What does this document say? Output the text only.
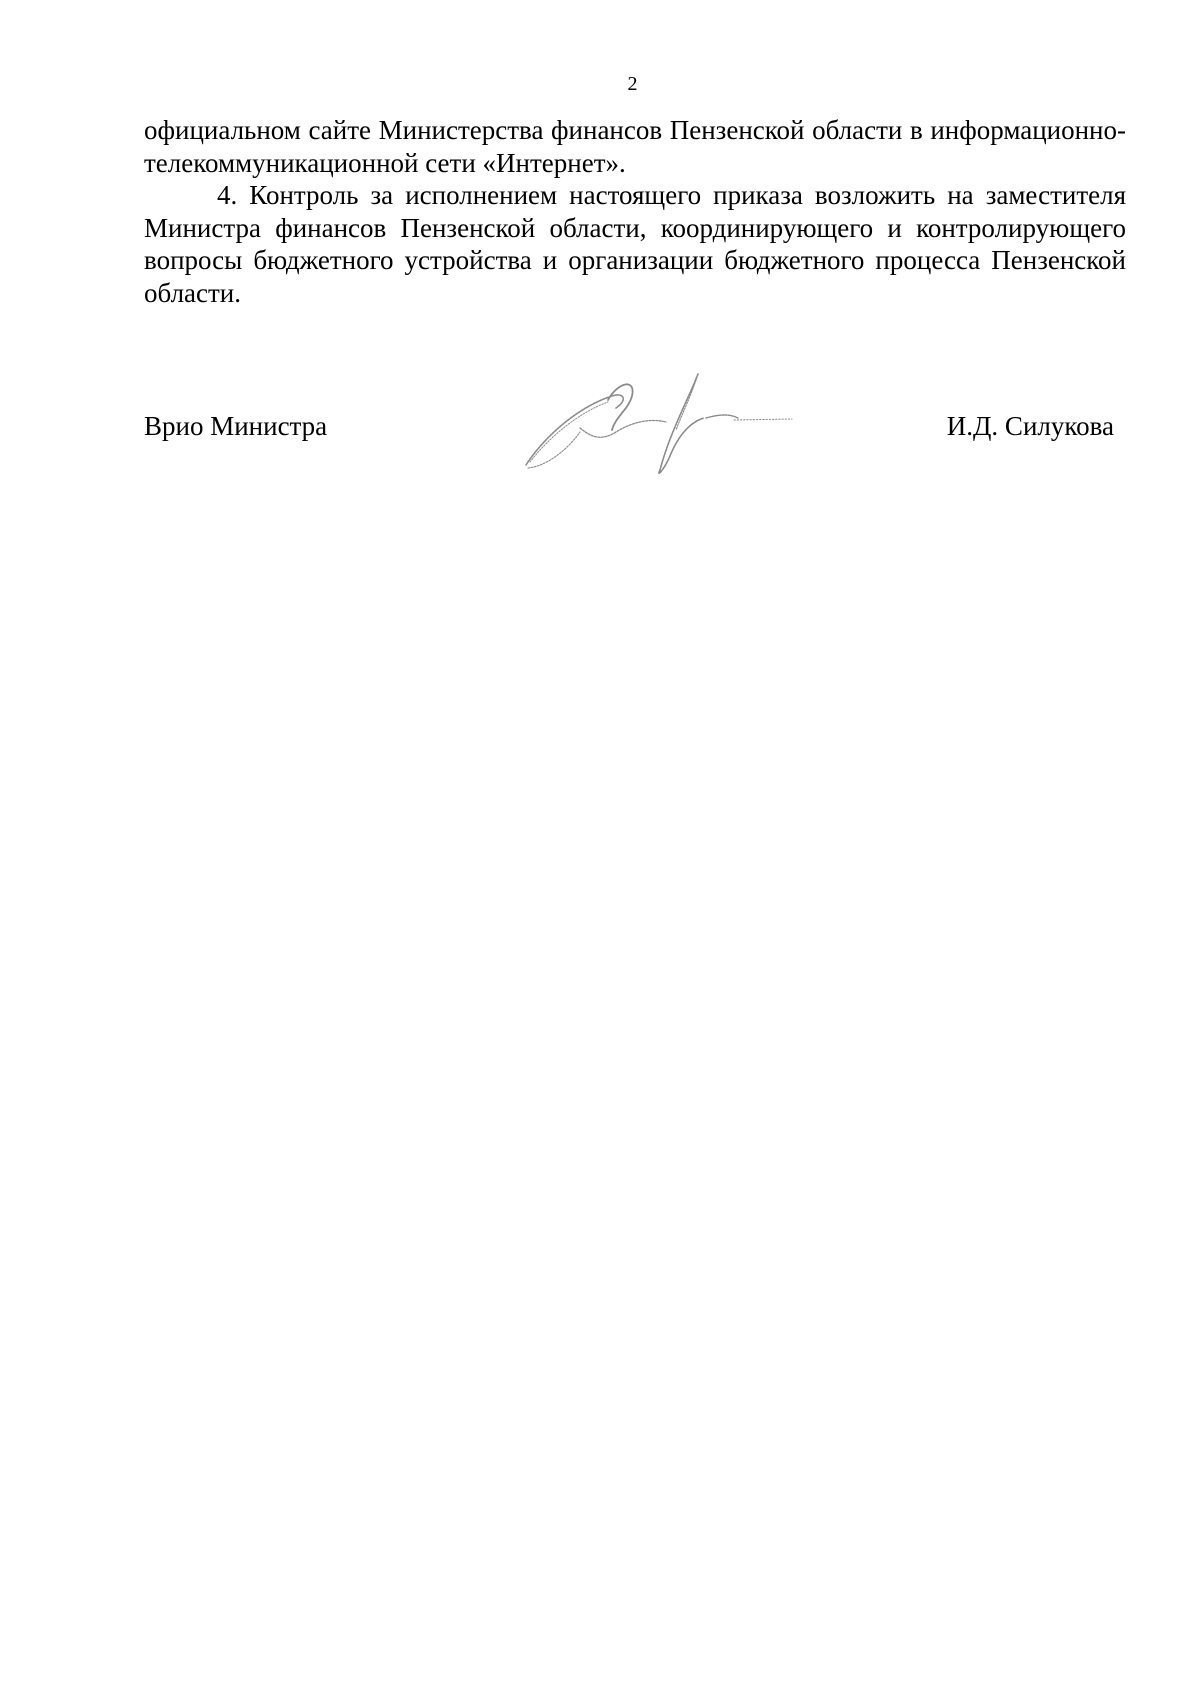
2

официальном сайте Министерства финансов Пензенской области в информационно-телекоммуникационной сети «Интернет».

4. Контроль за исполнением настоящего приказа возложить на заместителя Министра финансов Пензенской области, координирующего и контролирующего вопросы бюджетного устройства и организации бюджетного процесса Пензенской области.

Врио Министра	И.Д. Силукова
